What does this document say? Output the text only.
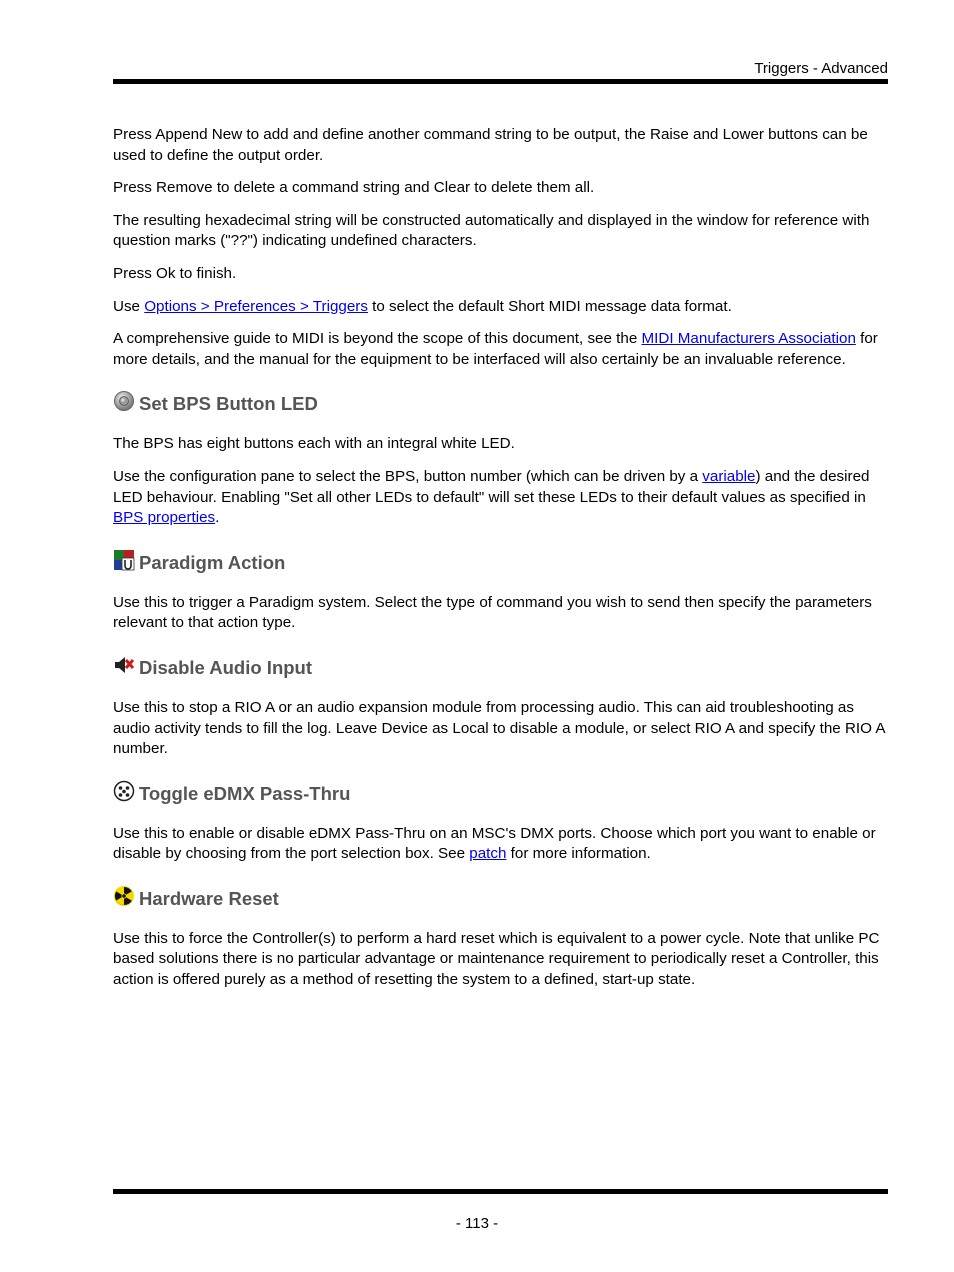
Triggers - Advanced

Press Append New to add and define another command string to be output, the Raise and Lower buttons can be used to define the output order.

Press Remove to delete a command string and Clear to delete them all.

The resulting hexadecimal string will be constructed automatically and displayed in the window for reference with question marks ("??") indicating undefined characters.

Press Ok to finish.

Use Options > Preferences > Triggers to select the default Short MIDI message data format.

A comprehensive guide to MIDI is beyond the scope of this document, see the MIDI Manufacturers Association for more details, and the manual for the equipment to be interfaced will also certainly be an invaluable reference.

Set BPS Button LED

The BPS has eight buttons each with an integral white LED.

Use the configuration pane to select the BPS, button number (which can be driven by a variable) and the desired LED behaviour. Enabling "Set all other LEDs to default" will set these LEDs to their default values as specified in BPS properties.

Paradigm Action

Use this to trigger a Paradigm system. Select the type of command you wish to send then specify the parameters relevant to that action type.

Disable Audio Input

Use this to stop a RIO A or an audio expansion module from processing audio. This can aid troubleshooting as audio activity tends to fill the log. Leave Device as Local to disable a module, or select RIO A and specify the RIO A number.

Toggle eDMX Pass-Thru

Use this to enable or disable eDMX Pass-Thru on an MSC's DMX ports. Choose which port you want to enable or disable by choosing from the port selection box. See patch for more information.

Hardware Reset

Use this to force the Controller(s) to perform a hard reset which is equivalent to a power cycle. Note that unlike PC based solutions there is no particular advantage or maintenance requirement to periodically reset a Controller, this action is offered purely as a method of resetting the system to a defined, start-up state.

- 113 -
